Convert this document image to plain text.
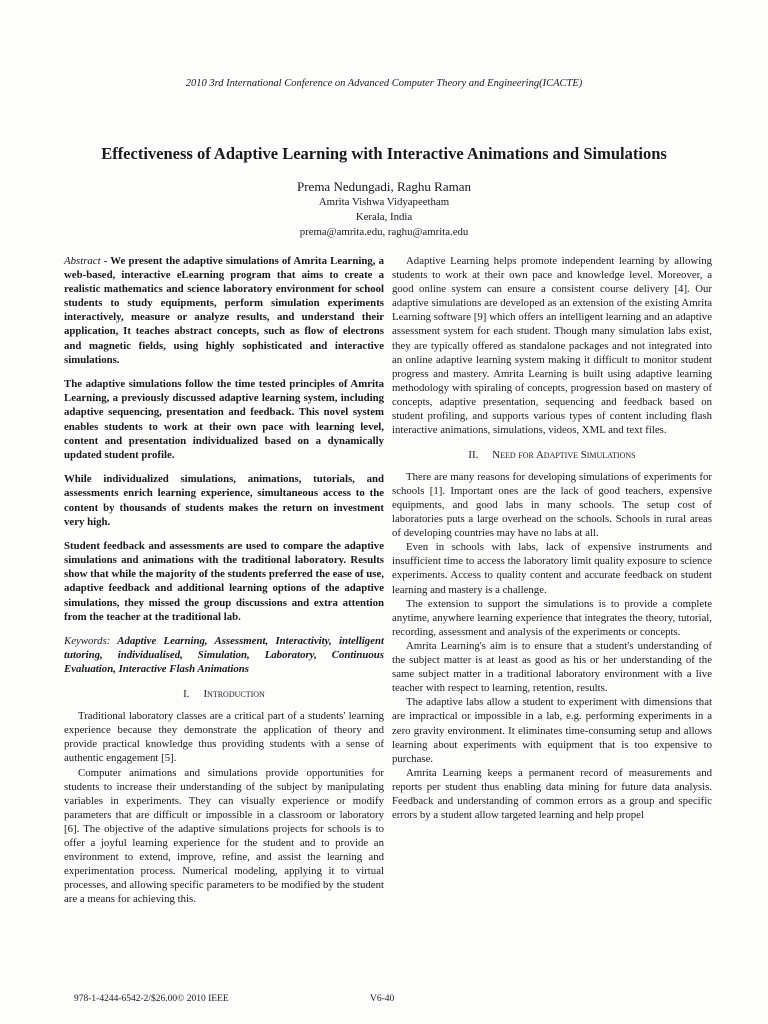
2010 3rd International Conference on Advanced Computer Theory and Engineering(ICACTE)
Effectiveness of Adaptive Learning with Interactive Animations and Simulations
Prema Nedungadi, Raghu Raman
Amrita Vishwa Vidyapeetham
Kerala, India
prema@amrita.edu, raghu@amrita.edu

Abstract - We present the adaptive simulations of Amrita Learning, a web-based, interactive eLearning program that aims to create a realistic mathematics and science laboratory environment for school students to study equipments, perform simulation experiments interactively, measure or analyze results, and understand their application, It teaches abstract concepts, such as flow of electrons and magnetic fields, using highly sophisticated and interactive simulations.

The adaptive simulations follow the time tested principles of Amrita Learning, a previously discussed adaptive learning system, including adaptive sequencing, presentation and feedback. This novel system enables students to work at their own pace with learning level, content and presentation individualized based on a dynamically updated student profile.

While individualized simulations, animations, tutorials, and assessments enrich learning experience, simultaneous access to the content by thousands of students makes the return on investment very high.

Student feedback and assessments are used to compare the adaptive simulations and animations with the traditional laboratory. Results show that while the majority of the students preferred the ease of use, adaptive feedback and additional learning options of the adaptive simulations, they missed the group discussions and extra attention from the teacher at the traditional lab.

Keywords: Adaptive Learning, Assessment, Interactivity, intelligent tutoring, individualised, Simulation, Laboratory, Continuous Evaluation, Interactive Flash Animations

I. Introduction

Traditional laboratory classes are a critical part of a students' learning experience because they demonstrate the application of theory and provide practical knowledge thus providing students with a sense of authentic engagement [5].

Computer animations and simulations provide opportunities for students to increase their understanding of the subject by manipulating variables in experiments. They can visually experience or modify parameters that are difficult or impossible in a classroom or laboratory [6]. The objective of the adaptive simulations projects for schools is to offer a joyful learning experience for the student and to provide an environment to extend, improve, refine, and assist the learning and experimentation process. Numerical modeling, applying it to virtual processes, and allowing specific parameters to be modified by the student are a means for achieving this.

Adaptive Learning helps promote independent learning by allowing students to work at their own pace and knowledge level. Moreover, a good online system can ensure a consistent course delivery [4]. Our adaptive simulations are developed as an extension of the existing Amrita Learning software [9] which offers an intelligent learning and an adaptive assessment system for each student. Though many simulation labs exist, they are typically offered as standalone packages and not integrated into an online adaptive learning system making it difficult to monitor student progress and mastery. Amrita Learning is built using adaptive learning methodology with spiraling of concepts, progression based on mastery of concepts, adaptive presentation, sequencing and feedback based on student profiling, and supports various types of content including flash interactive animations, simulations, videos, XML and text files.

II. Need for Adaptive Simulations

There are many reasons for developing simulations of experiments for schools [1]. Important ones are the lack of good teachers, expensive equipments, and good labs in many schools. The setup cost of laboratories puts a large overhead on the schools. Schools in rural areas of developing countries may have no labs at all.

Even in schools with labs, lack of expensive instruments and insufficient time to access the laboratory limit quality exposure to science experiments. Access to quality content and accurate feedback on student learning and mastery is a challenge.

The extension to support the simulations is to provide a complete anytime, anywhere learning experience that integrates the theory, tutorial, recording, assessment and analysis of the experiments or concepts.

Amrita Learning's aim is to ensure that a student's understanding of the subject matter is at least as good as his or her understanding of the same subject matter in a traditional laboratory environment with a live teacher with respect to learning, retention, results.

The adaptive labs allow a student to experiment with dimensions that are impractical or impossible in a lab, e.g. performing experiments in a zero gravity environment. It eliminates time-consuming setup and allows learning about experiments with equipment that is too expensive to purchase.

Amrita Learning keeps a permanent record of measurements and reports per student thus enabling data mining for future data analysis. Feedback and understanding of common errors as a group and specific errors by a student allow targeted learning and help propel

978-1-4244-6542-2/$26.00© 2010 IEEE	V6-40
